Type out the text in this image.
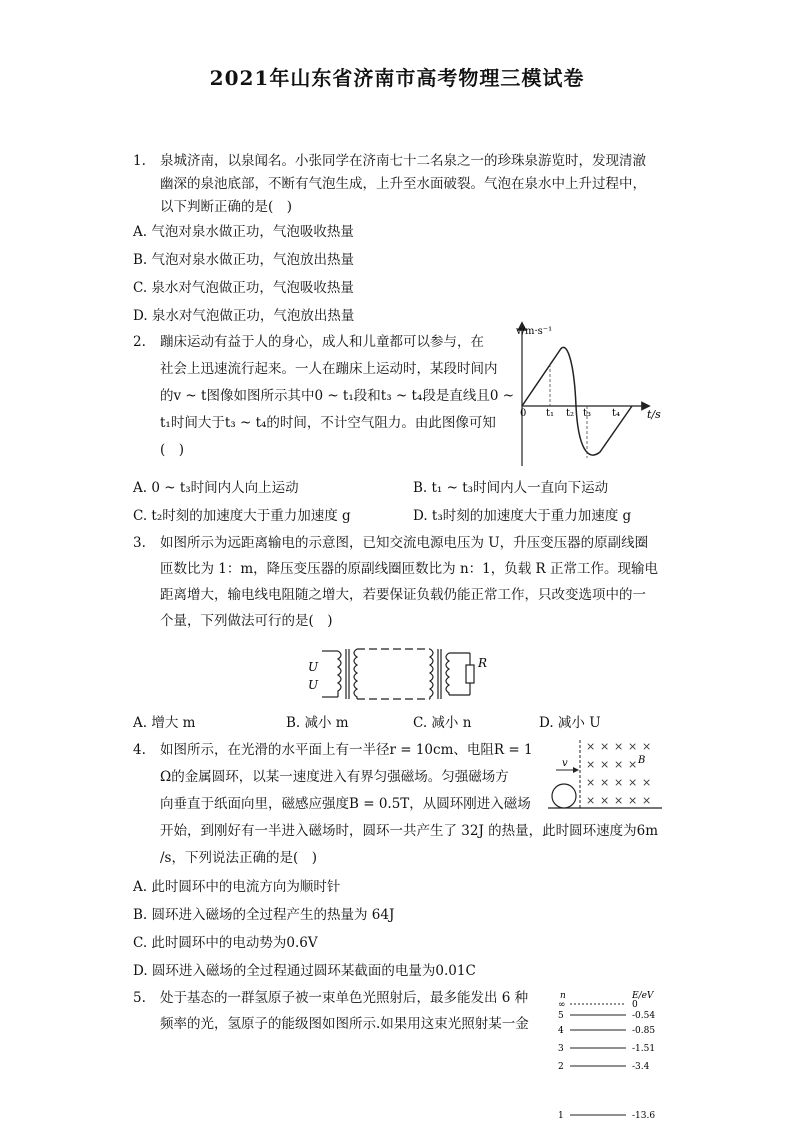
2021年山东省济南市高考物理三模试卷
1. 泉城济南，以泉闻名。小张同学在济南七十二名泉之一的珍珠泉游览时，发现清澈
幽深的泉池底部，不断有气泡生成，上升至水面破裂。气泡在泉水中上升过程中，
以下判断正确的是(　)
A. 气泡对泉水做正功，气泡吸收热量
B. 气泡对泉水做正功，气泡放出热量
C. 泉水对气泡做正功，气泡吸收热量
D. 泉水对气泡做正功，气泡放出热量
2. 蹦床运动有益于人的身心，成人和儿童都可以参与，在
社会上迅速流行起来。一人在蹦床上运动时，某段时间内
的v ~ t图像如图所示其中0 ~ t₁段和t₃ ~ t₄段是直线且0 ~
t₁时间大于t₃ ~ t₄的时间，不计空气阻力。由此图像可知
(　)
v/m·s⁻¹
t/s
0 t₁ t₂ t₃ t₄
A. 0 ~ t₃时间内人向上运动	B. t₁ ~ t₃时间内人一直向下运动
C. t₂时刻的加速度大于重力加速度 g	D. t₃时刻的加速度大于重力加速度 g
3. 如图所示为远距离输电的示意图，已知交流电源电压为 U，升压变压器的原副线圈
匝数比为 1：m，降压变压器的原副线圈匝数比为 n：1，负载 R 正常工作。现输电
距离增大，输电线电阻随之增大，若要保证负载仍能正常工作，只改变选项中的一
个量，下列做法可行的是(　)
U
U
R
A. 增大 m	B. 减小 m	C. 减小 n	D. 减小 U
4. 如图所示，在光滑的水平面上有一半径r = 10cm、电阻R = 1
Ω的金属圆环，以某一速度进入有界匀强磁场。匀强磁场方
向垂直于纸面向里，磁感应强度B = 0.5T，从圆环刚进入磁场
开始，到刚好有一半进入磁场时，圆环一共产生了 32J 的热量，此时圆环速度为6m
/s，下列说法正确的是(　)
v	B
× × × × ×
× × × ×
× × × × ×
× × × × ×
A. 此时圆环中的电流方向为顺时针
B. 圆环进入磁场的全过程产生的热量为 64J
C. 此时圆环中的电动势为0.6V
D. 圆环进入磁场的全过程通过圆环某截面的电量为0.01C
5. 处于基态的一群氢原子被一束单色光照射后，最多能发出 6 种
频率的光，氢原子的能级图如图所示.如果用这束光照射某一金
n	E/eV
∞	0
5	-0.54
4	-0.85
3	-1.51
2	-3.4
1	-13.6
